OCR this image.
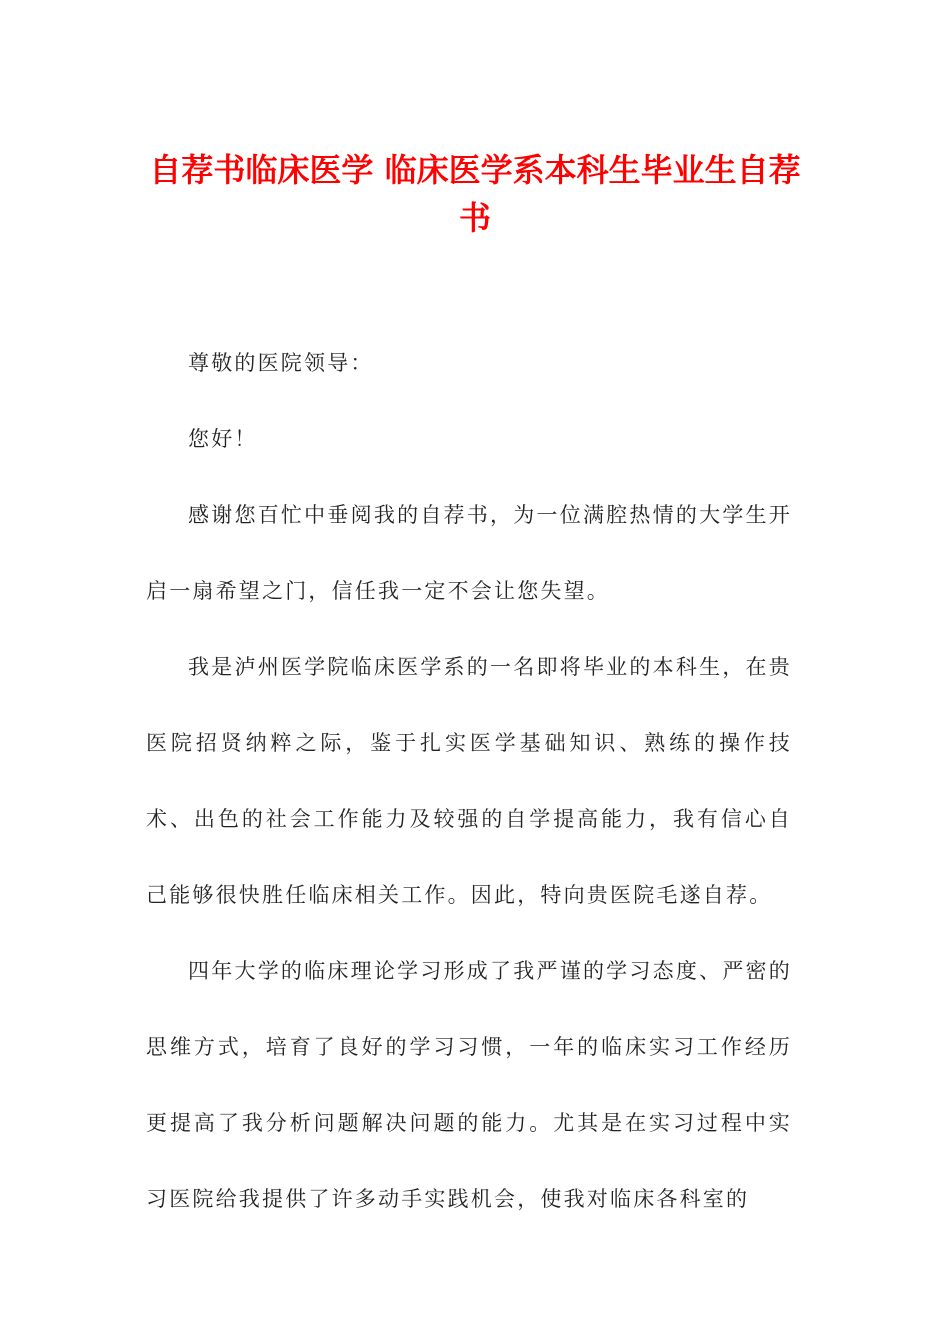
自荐书临床医学 临床医学系本科生毕业生自荐书

尊敬的医院领导：

您好！

感谢您百忙中垂阅我的自荐书，为一位满腔热情的大学生开启一扇希望之门，信任我一定不会让您失望。

我是泸州医学院临床医学系的一名即将毕业的本科生，在贵医院招贤纳粹之际，鉴于扎实医学基础知识、熟练的操作技术、出色的社会工作能力及较强的自学提高能力，我有信心自己能够很快胜任临床相关工作。因此，特向贵医院毛遂自荐。

四年大学的临床理论学习形成了我严谨的学习态度、严密的思维方式，培育了良好的学习习惯，一年的临床实习工作经历更提高了我分析问题解决问题的能力。尤其是在实习过程中实习医院给我提供了许多动手实践机会，使我对临床各科室的
